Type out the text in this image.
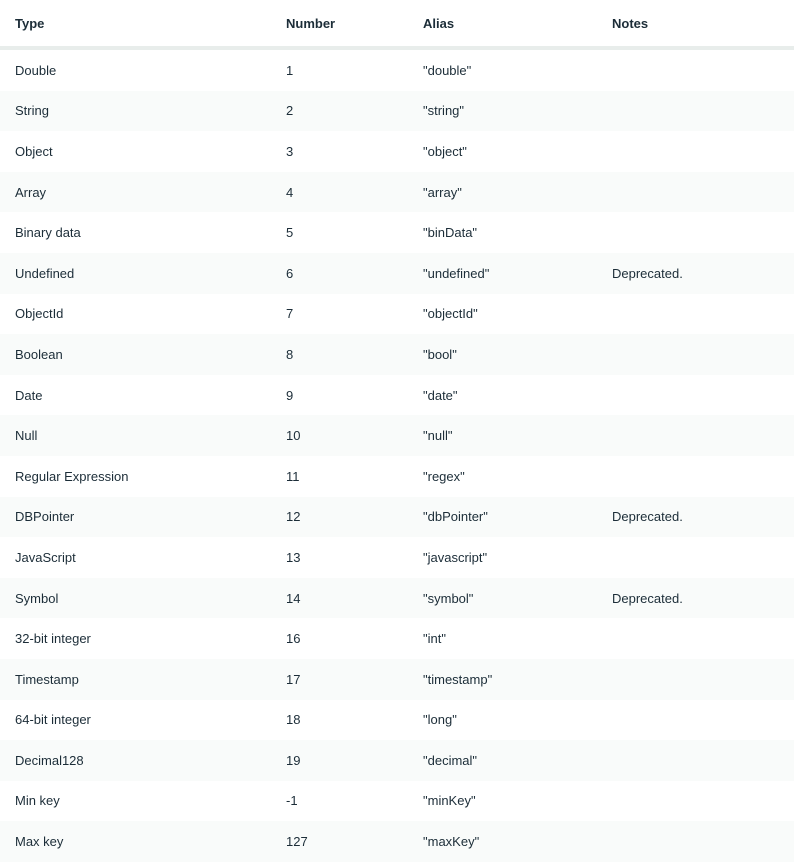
Type	Number	Alias	Notes
Double	1	"double"	
String	2	"string"	
Object	3	"object"	
Array	4	"array"	
Binary data	5	"binData"	
Undefined	6	"undefined"	Deprecated.
ObjectId	7	"objectId"	
Boolean	8	"bool"	
Date	9	"date"	
Null	10	"null"	
Regular Expression	11	"regex"	
DBPointer	12	"dbPointer"	Deprecated.
JavaScript	13	"javascript"	
Symbol	14	"symbol"	Deprecated.
32-bit integer	16	"int"	
Timestamp	17	"timestamp"	
64-bit integer	18	"long"	
Decimal128	19	"decimal"	
Min key	-1	"minKey"	
Max key	127	"maxKey"	
